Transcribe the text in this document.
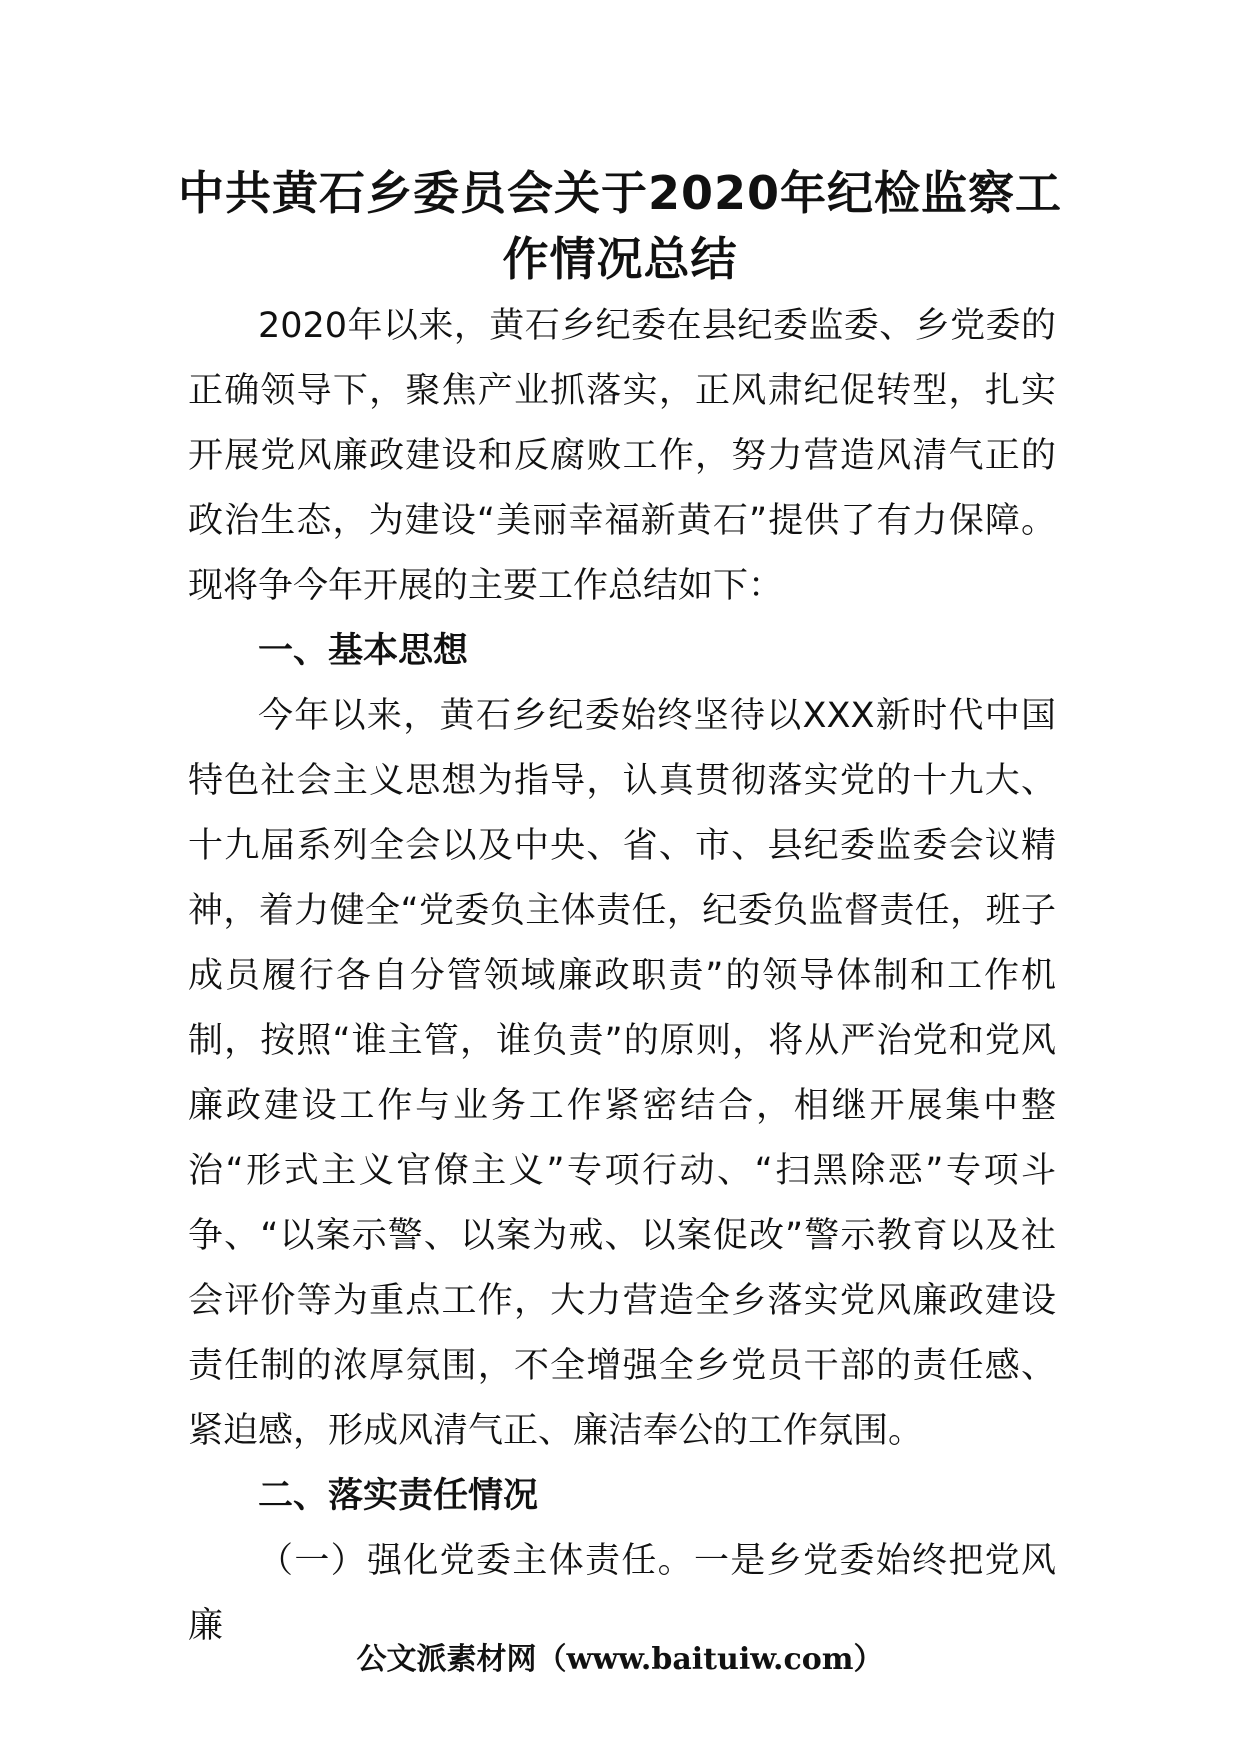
中共黄石乡委员会关于2020年纪检监察工作情况总结

2020年以来，黄石乡纪委在县纪委监委、乡党委的正确领导下，聚焦产业抓落实，正风肃纪促转型，扎实开展党风廉政建设和反腐败工作，努力营造风清气正的政治生态，为建设“美丽幸福新黄石”提供了有力保障。现将争今年开展的主要工作总结如下：

一、基本思想

今年以来，黄石乡纪委始终坚待以XXX新时代中国特色社会主义思想为指导，认真贯彻落实党的十九大、十九届系列全会以及中央、省、市、县纪委监委会议精神，着力健全“党委负主体责任，纪委负监督责任，班子成员履行各自分管领域廉政职责”的领导体制和工作机制，按照“谁主管，谁负责”的原则，将从严治党和党风廉政建设工作与业务工作紧密结合，相继开展集中整治“形式主义官僚主义”专项行动、“扫黑除恶”专项斗争、“以案示警、以案为戒、以案促改”警示教育以及社会评价等为重点工作，大力营造全乡落实党风廉政建设责任制的浓厚氛围，不全增强全乡党员干部的责任感、紧迫感，形成风清气正、廉洁奉公的工作氛围。

二、落实责任情况

（一）强化党委主体责任。一是乡党委始终把党风廉

公文派素材网（www.baituiw.com）
